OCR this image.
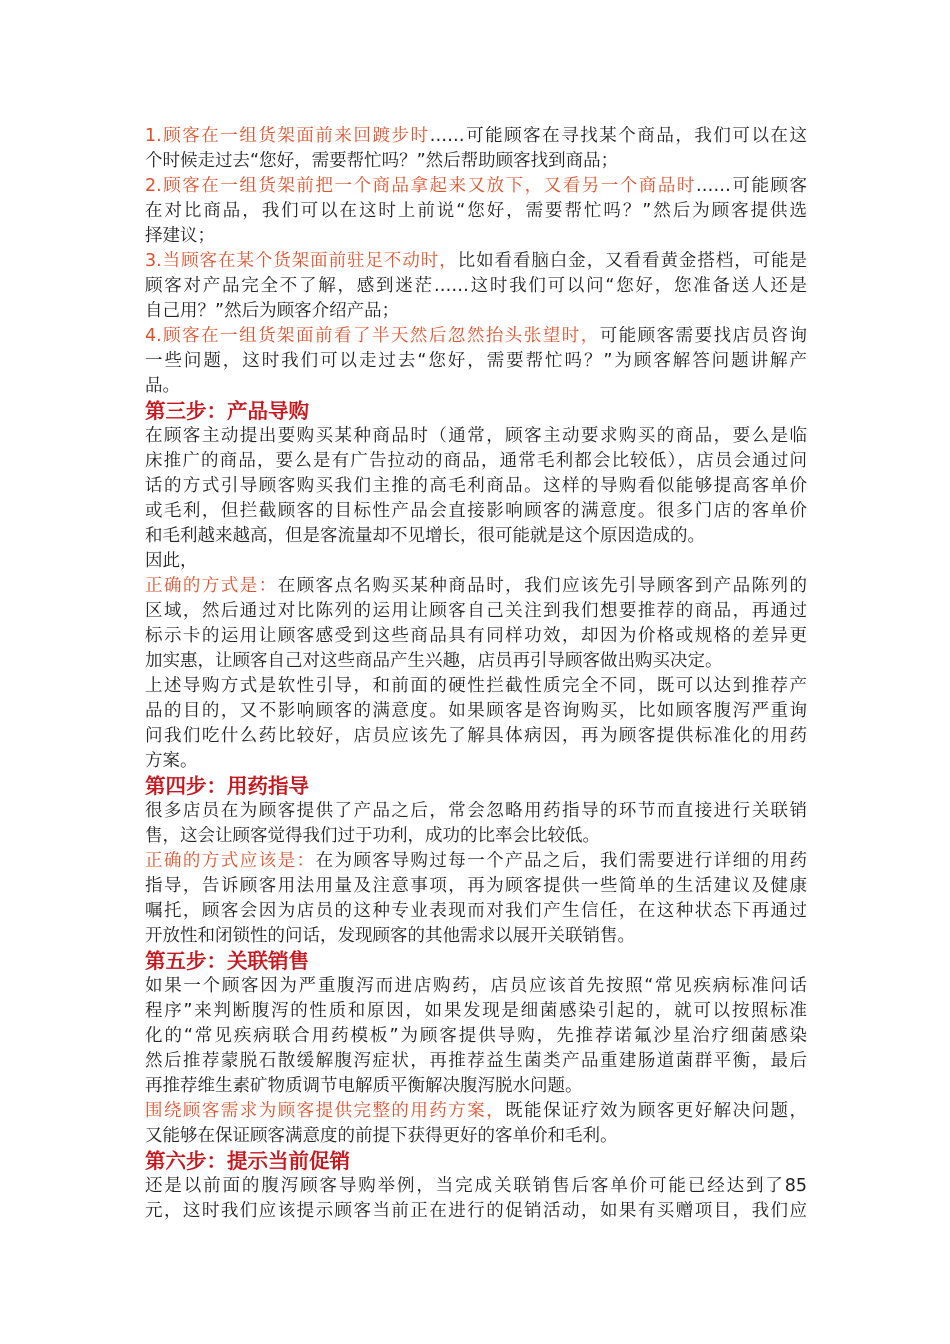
1.顾客在一组货架面前来回踱步时……可能顾客在寻找某个商品，我们可以在这
个时候走过去“您好，需要帮忙吗？”然后帮助顾客找到商品；
2.顾客在一组货架前把一个商品拿起来又放下，又看另一个商品时……可能顾客
在对比商品，我们可以在这时上前说“您好，需要帮忙吗？”然后为顾客提供选
择建议；
3.当顾客在某个货架面前驻足不动时，比如看看脑白金，又看看黄金搭档，可能是
顾客对产品完全不了解，感到迷茫……这时我们可以问“您好，您准备送人还是
自己用？”然后为顾客介绍产品；
4.顾客在一组货架面前看了半天然后忽然抬头张望时，可能顾客需要找店员咨询
一些问题，这时我们可以走过去“您好，需要帮忙吗？”为顾客解答问题讲解产
品。
第三步：产品导购
在顾客主动提出要购买某种商品时（通常，顾客主动要求购买的商品，要么是临
床推广的商品，要么是有广告拉动的商品，通常毛利都会比较低），店员会通过问
话的方式引导顾客购买我们主推的高毛利商品。这样的导购看似能够提高客单价
或毛利，但拦截顾客的目标性产品会直接影响顾客的满意度。很多门店的客单价
和毛利越来越高，但是客流量却不见增长，很可能就是这个原因造成的。
因此，
正确的方式是：在顾客点名购买某种商品时，我们应该先引导顾客到产品陈列的
区域，然后通过对比陈列的运用让顾客自己关注到我们想要推荐的商品，再通过
标示卡的运用让顾客感受到这些商品具有同样功效，却因为价格或规格的差异更
加实惠，让顾客自己对这些商品产生兴趣，店员再引导顾客做出购买决定。
上述导购方式是软性引导，和前面的硬性拦截性质完全不同，既可以达到推荐产
品的目的，又不影响顾客的满意度。如果顾客是咨询购买，比如顾客腹泻严重询
问我们吃什么药比较好，店员应该先了解具体病因，再为顾客提供标准化的用药
方案。
第四步：用药指导
很多店员在为顾客提供了产品之后，常会忽略用药指导的环节而直接进行关联销
售，这会让顾客觉得我们过于功利，成功的比率会比较低。
正确的方式应该是：在为顾客导购过每一个产品之后，我们需要进行详细的用药
指导，告诉顾客用法用量及注意事项，再为顾客提供一些简单的生活建议及健康
嘱托，顾客会因为店员的这种专业表现而对我们产生信任，在这种状态下再通过
开放性和闭锁性的问话，发现顾客的其他需求以展开关联销售。
第五步：关联销售
如果一个顾客因为严重腹泻而进店购药，店员应该首先按照“常见疾病标准问话
程序”来判断腹泻的性质和原因，如果发现是细菌感染引起的，就可以按照标准
化的“常见疾病联合用药模板”为顾客提供导购，先推荐诺氟沙星治疗细菌感染
然后推荐蒙脱石散缓解腹泻症状，再推荐益生菌类产品重建肠道菌群平衡，最后
再推荐维生素矿物质调节电解质平衡解决腹泻脱水问题。
围绕顾客需求为顾客提供完整的用药方案，既能保证疗效为顾客更好解决问题，
又能够在保证顾客满意度的前提下获得更好的客单价和毛利。
第六步：提示当前促销
还是以前面的腹泻顾客导购举例，当完成关联销售后客单价可能已经达到了85
元，这时我们应该提示顾客当前正在进行的促销活动，如果有买赠项目，我们应
